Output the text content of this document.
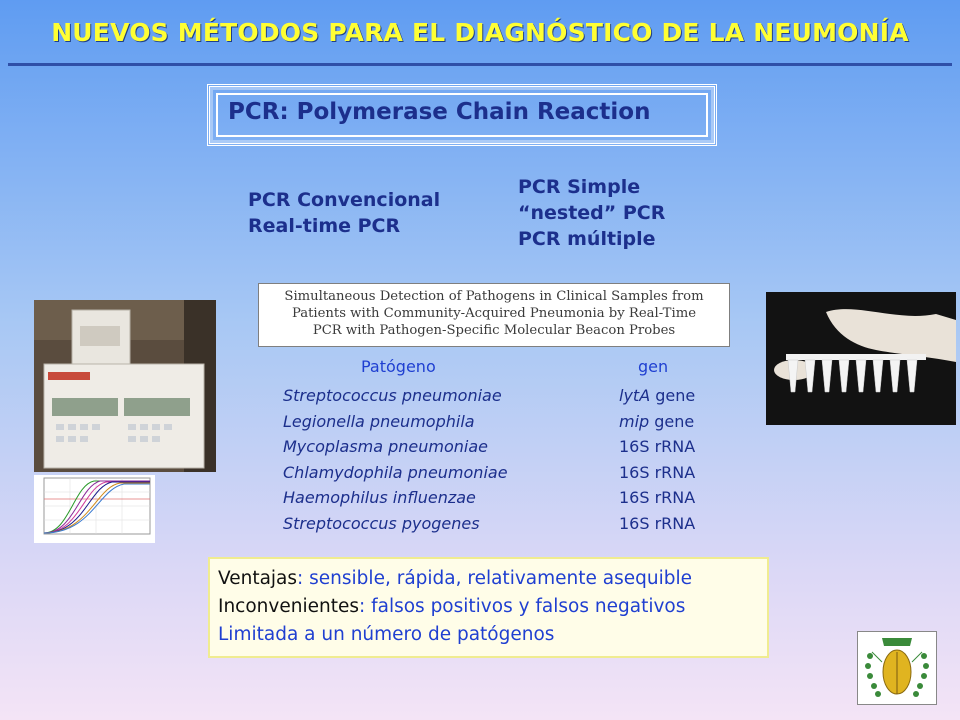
NUEVOS MÉTODOS PARA EL DIAGNÓSTICO DE LA NEUMONÍA
PCR: Polymerase Chain Reaction
PCR Convencional
Real-time PCR
PCR Simple
“nested” PCR
PCR múltiple
Simultaneous Detection of Pathogens in Clinical Samples from
Patients with Community-Acquired Pneumonia by Real-Time
PCR with Pathogen-Specific Molecular Beacon Probes
Patógeno	gen
Streptococcus pneumoniae	lytA gene
Legionella pneumophila	mip gene
Mycoplasma pneumoniae	16S rRNA
Chlamydophila pneumoniae	16S rRNA
Haemophilus influenzae	16S rRNA
Streptococcus pyogenes	16S rRNA
Ventajas: sensible, rápida, relativamente asequible
Inconvenientes: falsos positivos y falsos negativos
Limitada a un número de patógenos
